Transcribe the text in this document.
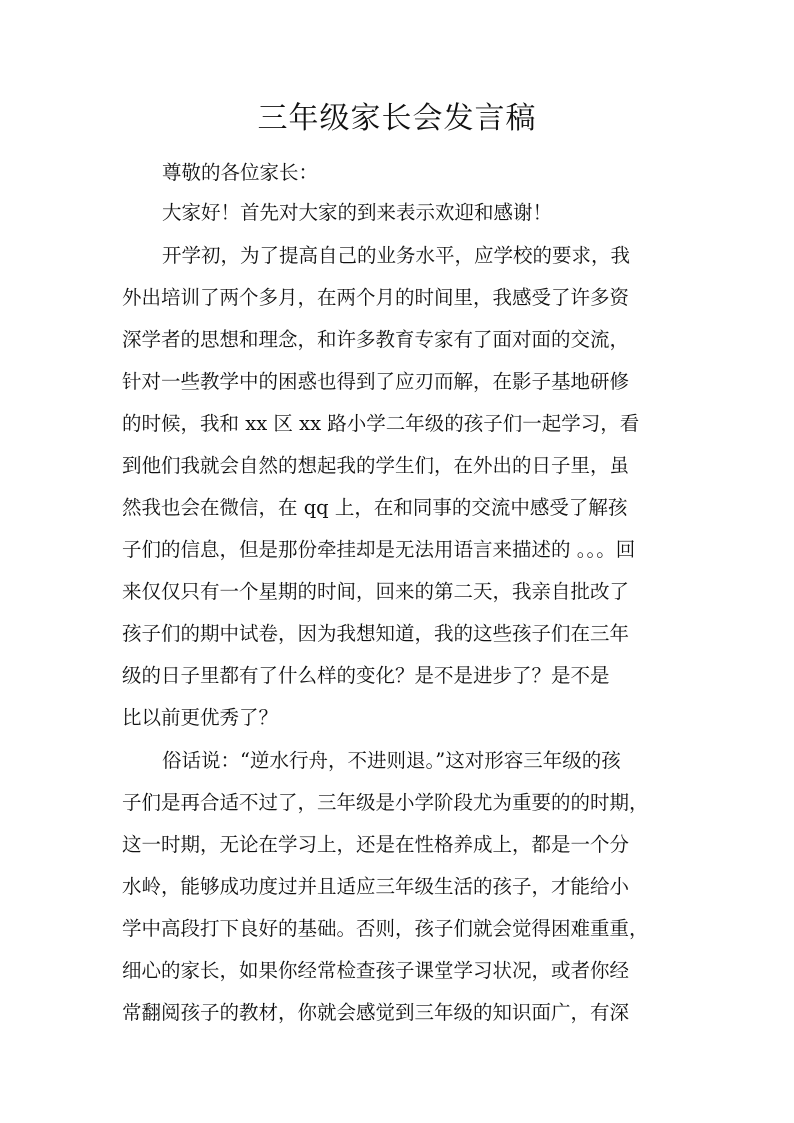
三年级家长会发言稿

尊敬的各位家长：

大家好！首先对大家的到来表示欢迎和感谢！

开学初，为了提高自己的业务水平，应学校的要求，我

外出培训了两个多月，在两个月的时间里，我感受了许多资

深学者的思想和理念，和许多教育专家有了面对面的交流，

针对一些教学中的困惑也得到了应刃而解，在影子基地研修

的时候，我和 xx 区 xx 路小学二年级的孩子们一起学习，看

到他们我就会自然的想起我的学生们，在外出的日子里，虽

然我也会在微信，在 qq 上，在和同事的交流中感受了解孩

子们的信息，但是那份牵挂却是无法用语言来描述的 。。。回

来仅仅只有一个星期的时间，回来的第二天，我亲自批改了

孩子们的期中试卷，因为我想知道，我的这些孩子们在三年

级的日子里都有了什么样的变化？是不是进步了？是不是

比以前更优秀了？

俗话说：“逆水行舟，不进则退。”这对形容三年级的孩

子们是再合适不过了，三年级是小学阶段尤为重要的的时期，

这一时期，无论在学习上，还是在性格养成上，都是一个分

水岭，能够成功度过并且适应三年级生活的孩子，才能给小

学中高段打下良好的基础。否则，孩子们就会觉得困难重重，

细心的家长，如果你经常检查孩子课堂学习状况，或者你经

常翻阅孩子的教材，你就会感觉到三年级的知识面广，有深
